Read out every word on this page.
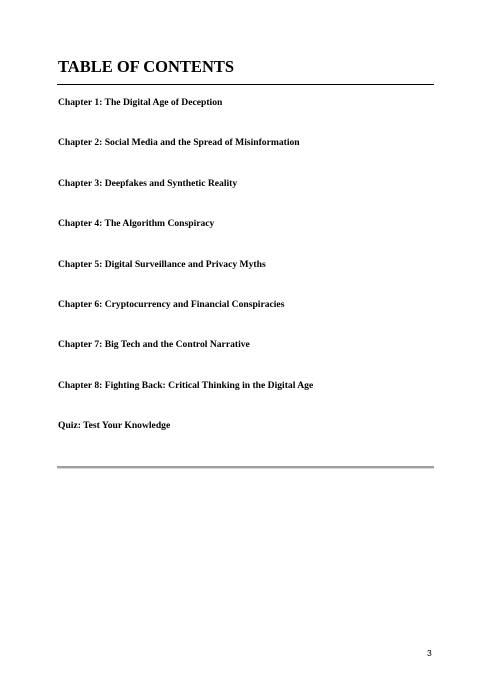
TABLE OF CONTENTS
Chapter 1: The Digital Age of Deception
Chapter 2: Social Media and the Spread of Misinformation
Chapter 3: Deepfakes and Synthetic Reality
Chapter 4: The Algorithm Conspiracy
Chapter 5: Digital Surveillance and Privacy Myths
Chapter 6: Cryptocurrency and Financial Conspiracies
Chapter 7: Big Tech and the Control Narrative
Chapter 8: Fighting Back: Critical Thinking in the Digital Age
Quiz: Test Your Knowledge
3
